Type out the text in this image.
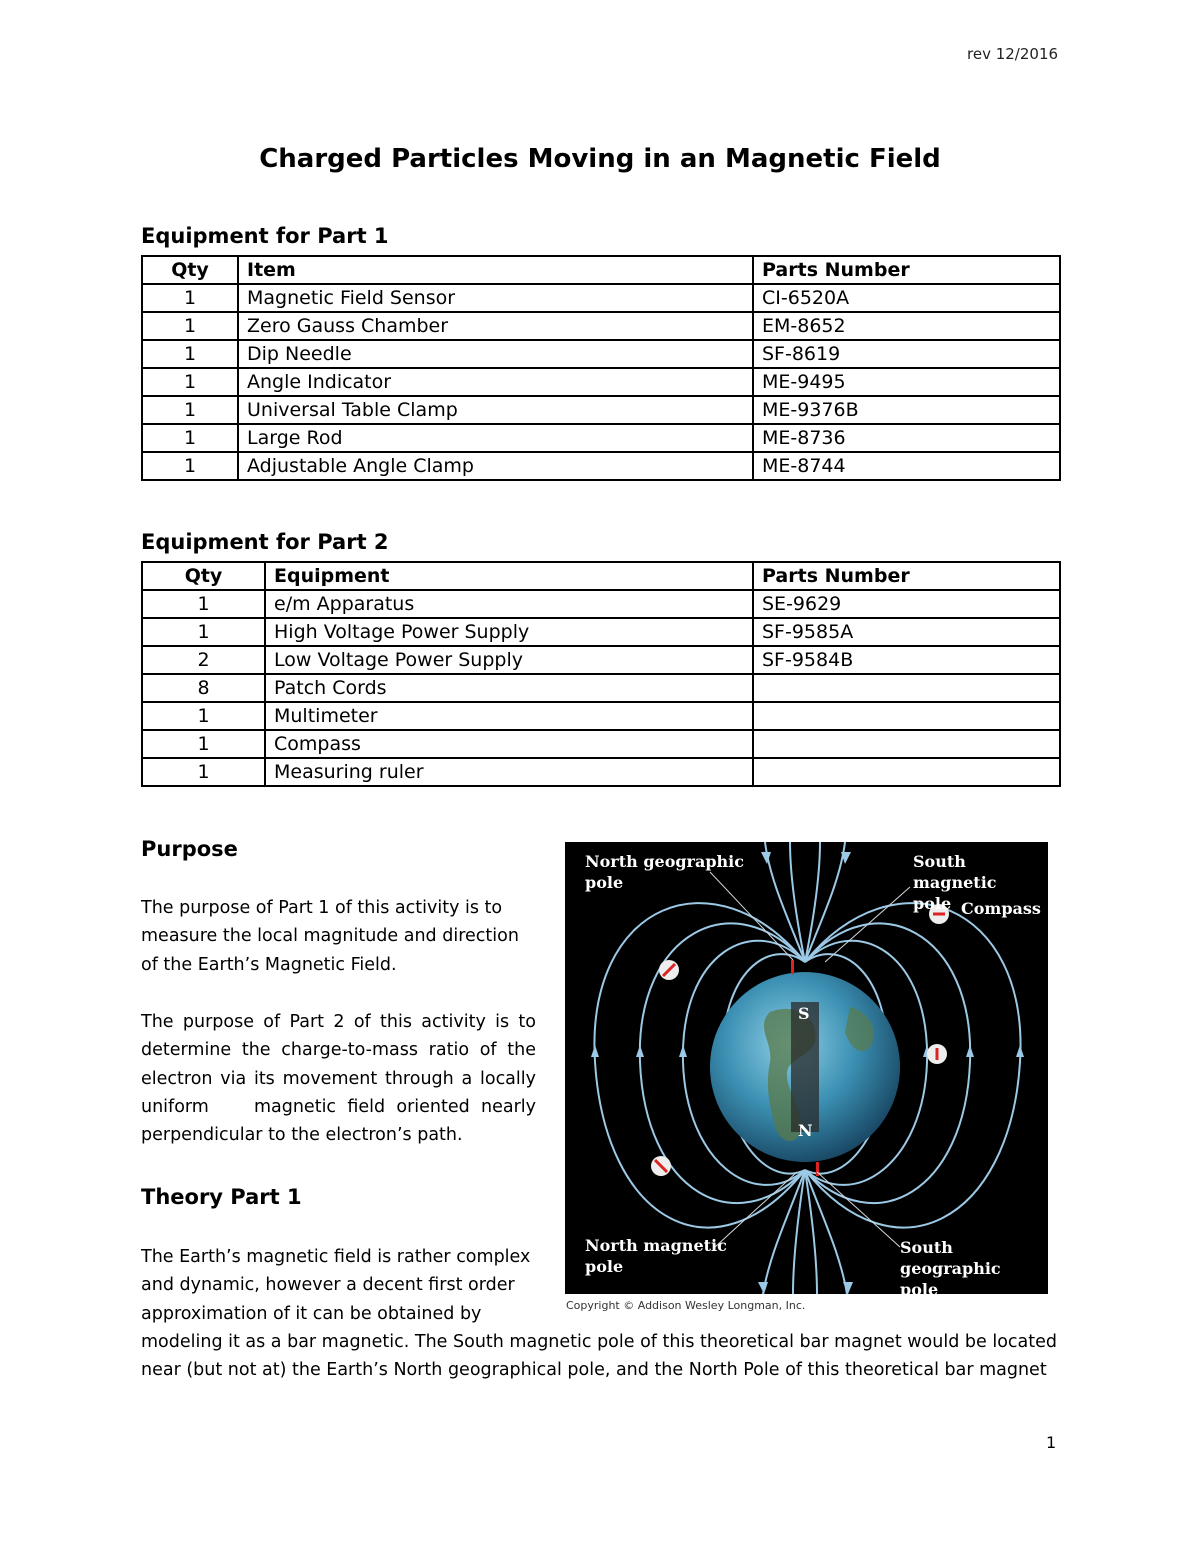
rev 12/2016
Charged Particles Moving in an Magnetic Field
Equipment for Part 1
Qty	Item	Parts Number
1	Magnetic Field Sensor	CI-6520A
1	Zero Gauss Chamber	EM-8652
1	Dip Needle	SF-8619
1	Angle Indicator	ME-9495
1	Universal Table Clamp	ME-9376B
1	Large Rod	ME-8736
1	Adjustable Angle Clamp	ME-8744
Equipment for Part 2
Qty	Equipment	Parts Number
1	e/m Apparatus	SE-9629
1	High Voltage Power Supply	SF-9585A
2	Low Voltage Power Supply	SF-9584B
8	Patch Cords	
1	Multimeter	
1	Compass	
1	Measuring ruler	
Purpose
The purpose of Part 1 of this activity is to
measure the local magnitude and direction
of the Earth’s Magnetic Field.
The purpose of Part 2 of this activity is to
determine the charge-to-mass ratio of the
electron via its movement through a locally
uniform    magnetic field oriented nearly
perpendicular to the electron’s path.
Theory Part 1
The Earth’s magnetic field is rather complex
and dynamic, however a decent first order
approximation of it can be obtained by
modeling it as a bar magnetic. The South magnetic pole of this theoretical bar magnet would be located
near (but not at) the Earth’s North geographical pole, and the North Pole of this theoretical bar magnet
North geographic
pole
South magnetic
pole Compass
North magnetic
pole
South geographic
pole
S
N
Copyright © Addison Wesley Longman, Inc.
1
